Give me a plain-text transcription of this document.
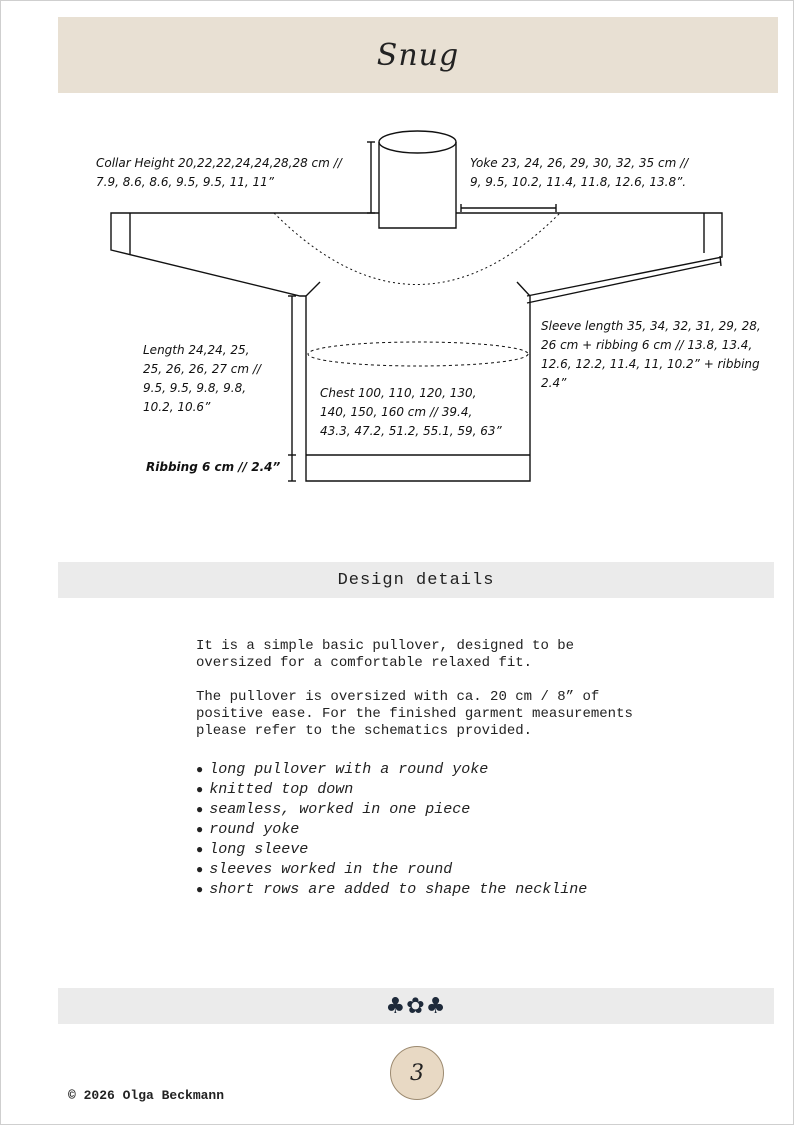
Snug
Collar Height 20,22,22,24,24,28,28 cm //
7.9, 8.6, 8.6, 9.5, 9.5, 11, 11”
Yoke 23, 24, 26, 29, 30, 32, 35 cm //
9, 9.5, 10.2, 11.4, 11.8, 12.6, 13.8”.
Sleeve length 35, 34, 32, 31, 29, 28,
26 cm + ribbing 6 cm // 13.8, 13.4,
12.6, 12.2, 11.4, 11, 10.2” + ribbing
2.4”
Length 24,24, 25,
25, 26, 26, 27 cm //
9.5, 9.5, 9.8, 9.8,
10.2, 10.6”
Chest 100, 110, 120, 130,
140, 150, 160 cm // 39.4,
43.3, 47.2, 51.2, 55.1, 59, 63”
Ribbing 6 cm // 2.4”
Design details

It is a simple basic pullover, designed to be oversized for a comfortable relaxed fit.

The pullover is oversized with ca. 20 cm / 8” of positive ease. For the finished garment measurements please refer to the schematics provided.

● long pullover with a round yoke
● knitted top down
● seamless, worked in one piece
● round yoke
● long sleeve
● sleeves worked in the round
● short rows are added to shape the neckline
♣✿♣
3
© 2026 Olga Beckmann
